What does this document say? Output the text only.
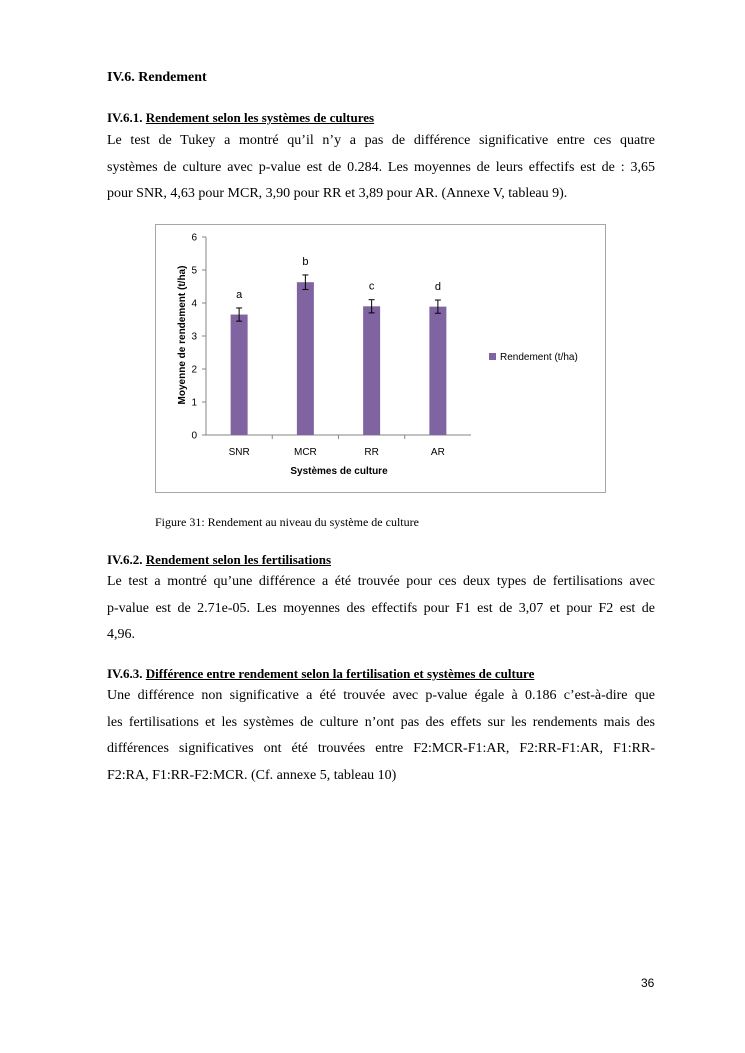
IV.6. Rendement
IV.6.1. Rendement selon les systèmes de cultures

Le test de Tukey a montré qu’il n’y a pas de différence significative entre ces quatre
systèmes de culture avec p-value est de 0.284. Les moyennes de leurs effectifs est de : 3,65
pour SNR, 4,63 pour MCR, 3,90 pour RR et 3,89 pour AR. (Annexe V, tableau 9).

Moyenne de rendement (t/ha)
Systèmes de culture
Rendement (t/ha)
0
1
2
3
4
5
6
SNR
a
MCR
b
RR
c
AR
d
Figure 31: Rendement au niveau du système de culture
IV.6.2. Rendement selon les fertilisations

Le test a montré qu’une différence a été trouvée pour ces deux types de fertilisations avec
p-value est de 2.71e-05. Les moyennes des effectifs pour F1 est de 3,07 et pour F2 est de
4,96.

IV.6.3. Différence entre rendement selon la fertilisation et systèmes de culture

Une différence non significative a été trouvée avec p-value égale à 0.186 c’est-à-dire que
les fertilisations et les systèmes de culture n’ont pas des effets sur les rendements mais des
différences significatives ont été trouvées entre F2:MCR-F1:AR, F2:RR-F1:AR, F1:RR-
F2:RA, F1:RR-F2:MCR. (Cf. annexe 5, tableau 10)

36
